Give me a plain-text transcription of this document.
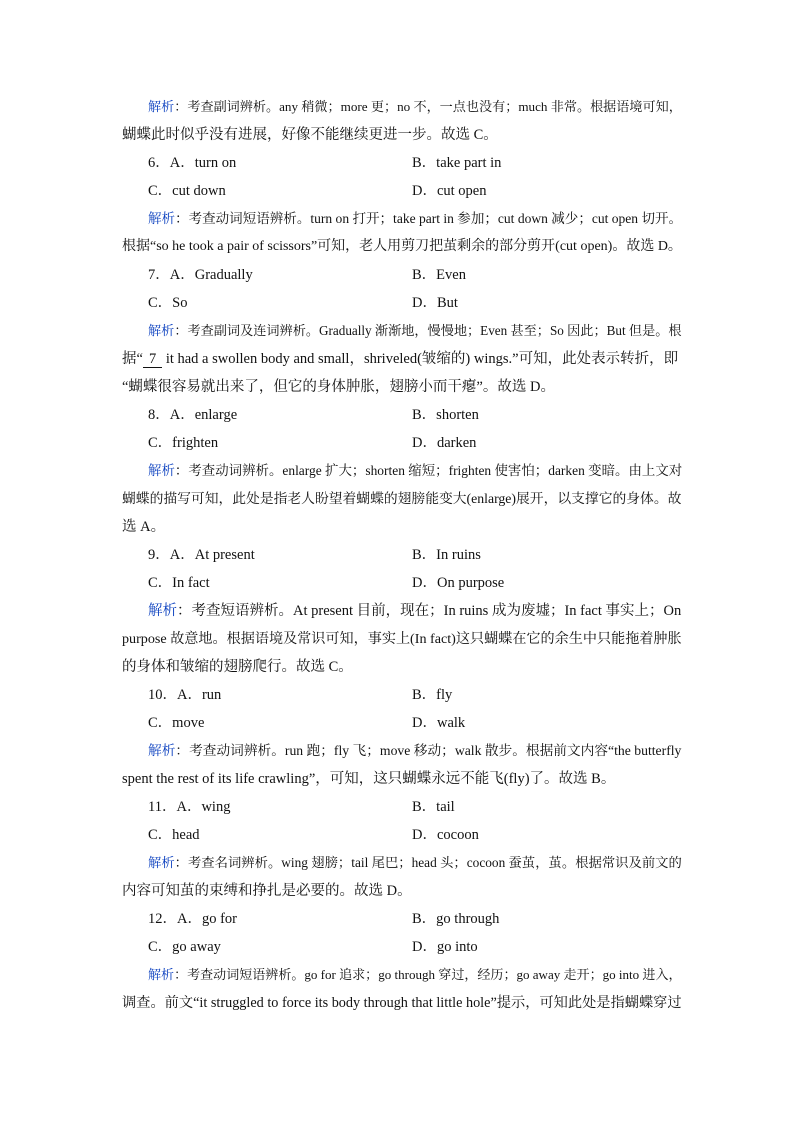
解析：考查副词辨析。any 稍微；more 更；no 不，一点也没有；much 非常。根据语境可知，
蝴蝶此时似乎没有进展，好像不能继续更进一步。故选 C。
6．A．turn on	B．take part in
C．cut down	D．cut open
解析：考查动词短语辨析。turn on 打开；take part in 参加；cut down 减少；cut open 切开。
根据“so he took a pair of scissors”可知，老人用剪刀把茧剩余的部分剪开(cut open)。故选 D。
7．A．Gradually	B．Even
C．So	D．But
解析：考查副词及连词辨析。Gradually 渐渐地，慢慢地；Even 甚至；So 因此；But 但是。根
据“ 7 it had a swollen body and small，shriveled(皱缩的) wings.”可知，此处表示转折，即
“蝴蝶很容易就出来了，但它的身体肿胀，翅膀小而干瘪”。故选 D。
8．A．enlarge	B．shorten
C．frighten	D．darken
解析：考查动词辨析。enlarge 扩大；shorten 缩短；frighten 使害怕；darken 变暗。由上文对
蝴蝶的描写可知，此处是指老人盼望着蝴蝶的翅膀能变大(enlarge)展开，以支撑它的身体。故
选 A。
9．A．At present	B．In ruins
C．In fact	D．On purpose
解析：考查短语辨析。At present 目前，现在；In ruins 成为废墟；In fact 事实上；On
purpose 故意地。根据语境及常识可知，事实上(In fact)这只蝴蝶在它的余生中只能拖着肿胀
的身体和皱缩的翅膀爬行。故选 C。
10．A．run	B．fly
C．move	D．walk
解析：考查动词辨析。run 跑；fly 飞；move 移动；walk 散步。根据前文内容“the butterfly
spent the rest of its life crawling”，可知，这只蝴蝶永远不能飞(fly)了。故选 B。
11．A．wing	B．tail
C．head	D．cocoon
解析：考查名词辨析。wing 翅膀；tail 尾巴；head 头；cocoon 蚕茧，茧。根据常识及前文的
内容可知茧的束缚和挣扎是必要的。故选 D。
12．A．go for	B．go through
C．go away	D．go into
解析：考查动词短语辨析。go for 追求；go through 穿过，经历；go away 走开；go into 进入，
调查。前文“it struggled to force its body through that little hole”提示，可知此处是指蝴蝶穿过
